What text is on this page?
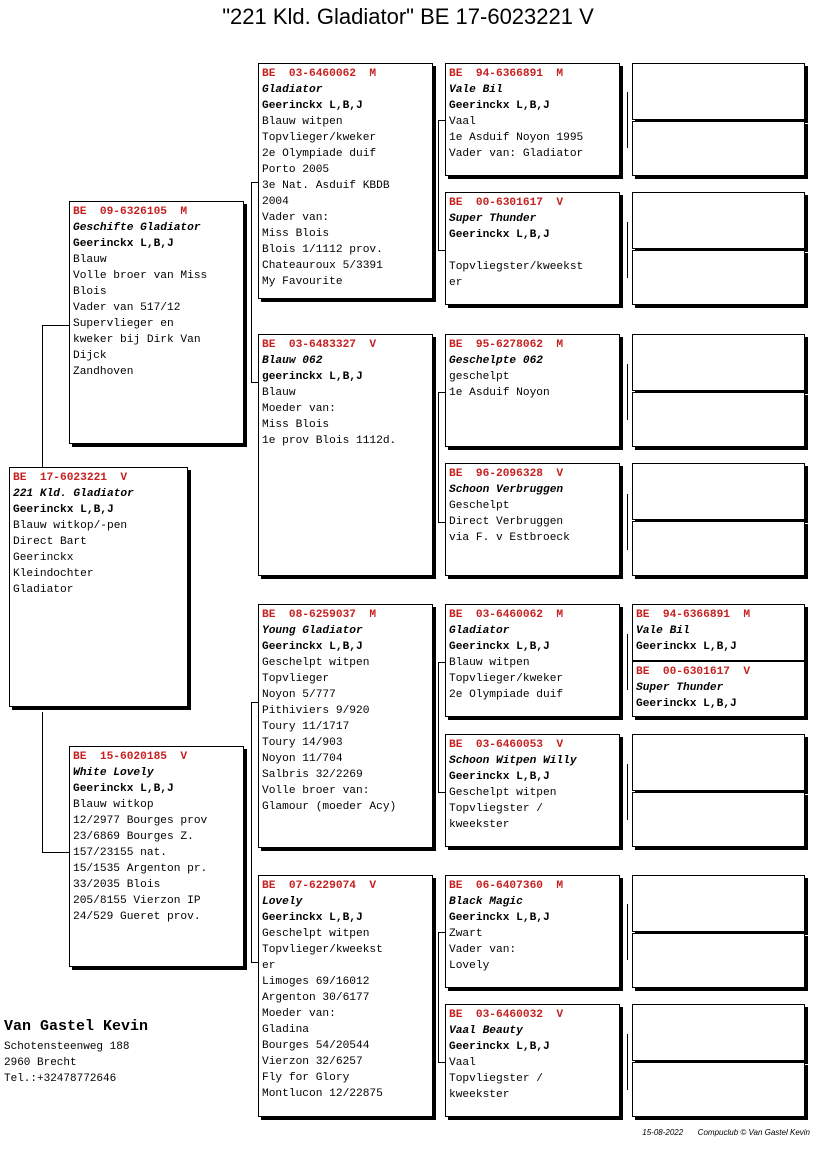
"221 Kld. Gladiator" BE 17-6023221 V
BE  17-6023221  V
221 Kld. Gladiator
Geerinckx L,B,J
Blauw witkop/-pen
Direct Bart
Geerinckx
Kleindochter
Gladiator
BE  09-6326105  M
Geschifte Gladiator
Geerinckx L,B,J
Blauw
Volle broer van Miss
Blois
Vader van 517/12
Supervlieger en
kweker bij Dirk Van
Dijck
Zandhoven
BE  15-6020185  V
White Lovely
Geerinckx L,B,J
Blauw witkop
12/2977 Bourges prov
23/6869 Bourges Z.
157/23155 nat.
15/1535 Argenton pr.
33/2035 Blois
205/8155 Vierzon IP
24/529 Gueret prov.
BE  03-6460062  M
Gladiator
Geerinckx L,B,J
Blauw witpen
Topvlieger/kweker
2e Olympiade duif
Porto 2005
3e Nat. Asduif KBDB
2004
Vader van:
Miss Blois
Blois 1/1112 prov.
Chateauroux 5/3391
My Favourite
BE  03-6483327  V
Blauw 062
geerinckx L,B,J
Blauw
Moeder van:
Miss Blois
1e prov Blois 1112d.
BE  08-6259037  M
Young Gladiator
Geerinckx L,B,J
Geschelpt witpen
Topvlieger
Noyon 5/777
Pithiviers 9/920
Toury 11/1717
Toury 14/903
Noyon 11/704
Salbris 32/2269
Volle broer van:
Glamour (moeder Acy)
BE  07-6229074  V
Lovely
Geerinckx L,B,J
Geschelpt witpen
Topvlieger/kweekst
er
Limoges 69/16012
Argenton 30/6177
Moeder van:
Gladina
Bourges 54/20544
Vierzon 32/6257
Fly for Glory
Montlucon 12/22875
BE  94-6366891  M
Vale Bil
Geerinckx L,B,J
Vaal
1e Asduif Noyon 1995
Vader van: Gladiator
BE  00-6301617  V
Super Thunder
Geerinckx L,B,J

Topvliegster/kweekst
er
BE  95-6278062  M
Geschelpte 062
geschelpt
1e Asduif Noyon
BE  96-2096328  V
Schoon Verbruggen
Geschelpt
Direct Verbruggen
via F. v Estbroeck
BE  03-6460062  M
Gladiator
Geerinckx L,B,J
Blauw witpen
Topvlieger/kweker
2e Olympiade duif
BE  03-6460053  V
Schoon Witpen Willy
Geerinckx L,B,J
Geschelpt witpen
Topvliegster /
kweekster
BE  06-6407360  M
Black Magic
Geerinckx L,B,J
Zwart
Vader van:
Lovely
BE  03-6460032  V
Vaal Beauty
Geerinckx L,B,J
Vaal
Topvliegster /
kweekster
BE  94-6366891  M
Vale Bil
Geerinckx L,B,J
BE  00-6301617  V
Super Thunder
Geerinckx L,B,J
Van Gastel Kevin
Schotensteenweg 188
2960 Brecht
Tel.:+32478772646
15-08-2022 Compuclub © Van Gastel Kevin
